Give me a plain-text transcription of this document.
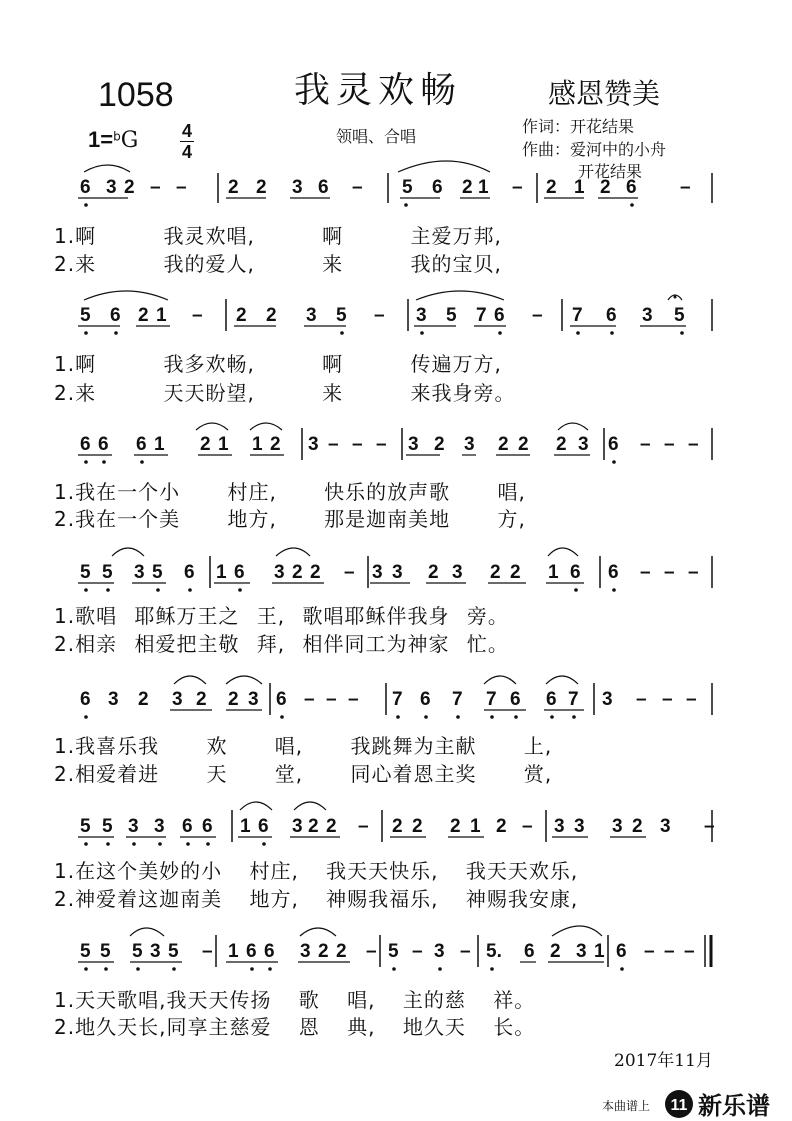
1058	我灵欢畅	感恩赞美
1=$^b$G 4
4
领唱、合唱
作词：开花结果
作曲：爱河中的小舟
开花结果
6 3 2 – – 2 2 3 6 – 5 6 2 1 – 2 1 2 6 –
1.啊 我灵欢唱, 啊 主爱万邦,
2.来 我的爱人, 来 我的宝贝,
5 6 2 1 – 2 2 3 5 – 3 5 7 6 – 7 6 3 5
1.啊 我多欢畅, 啊 传遍万方,
2.来 天天盼望, 来 来我身旁。
6 6 6 1 2 1 1 2 3 – – – 3 2 3 2 2 2 3 6 – – –
1.我在一个小 村庄, 快乐的放声歌 唱,
2.我在一个美 地方, 那是迦南美地 方,
5 5 3 5 6 1 6 3 2 2 – 3 3 2 3 2 2 1 6 6 – – –
1.歌唱 耶稣万王之 王, 歌唱耶稣伴我身 旁。
2.相亲 相爱把主敬 拜, 相伴同工为神家 忙。
6 3 2 3 2 2 3 6 – – – 7 6 7 7 6 6 7 3 – – –
1.我喜乐我 欢 唱, 我跳舞为主献 上,
2.相爱着进 天 堂, 同心着恩主奖 赏,
5 5 3 3 6 6 1 6 3 2 2 – 2 2 2 1 2 – 3 3 3 2 3 –
1.在这个美妙的小 村庄, 我天天快乐, 我天天欢乐,
2.神爱着这迦南美 地方, 神赐我福乐, 神赐我安康,
5 5 5 3 5 – 1 6 6 3 2 2 – 5 – 3 – 5. 6 2 3 1 6 – – –
1.天天歌唱,我天天传扬 歌 唱, 主的慈 祥。
2.地久天长,同享主慈爱 恩 典, 地久天 长。
2017年11月
本曲谱上 11 新乐谱
